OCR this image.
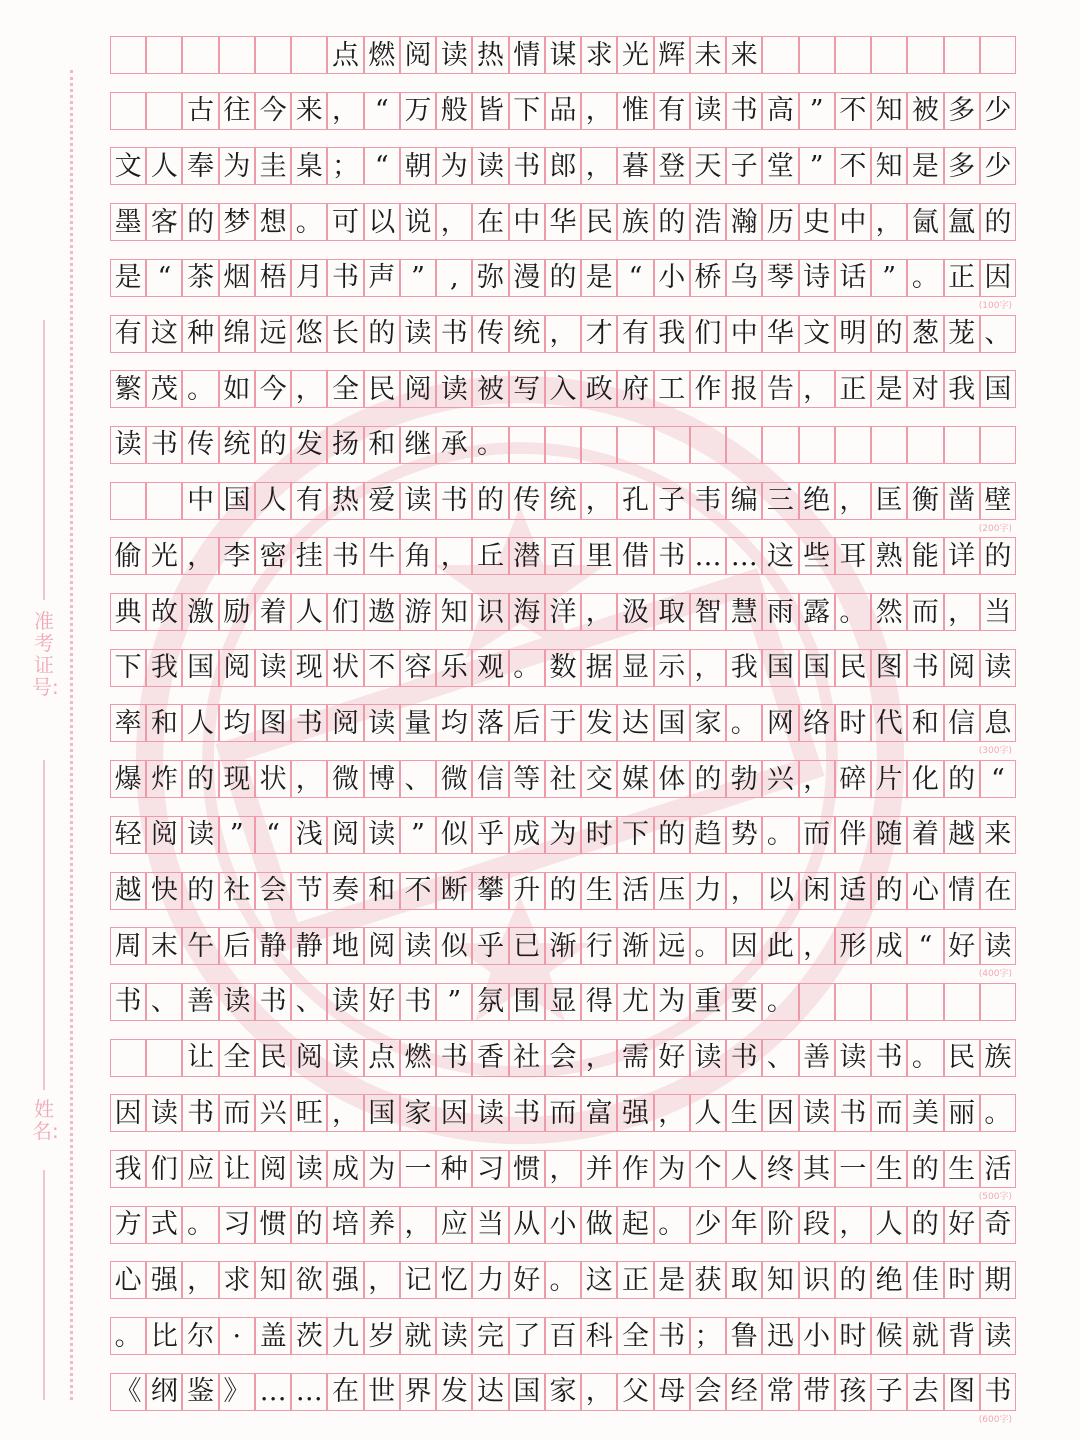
准考证号:
姓名:
点 燃 阅 读 热 情 谋 求 光 辉 未 来
古 往 今 来 ， “ 万 般 皆 下 品 ， 惟 有 读 书 高 ” 不 知 被 多 少
文 人 奉 为 圭 臬 ； “ 朝 为 读 书 郎 ， 暮 登 天 子 堂 ” 不 知 是 多 少
墨 客 的 梦 想 。 可 以 说 ， 在 中 华 民 族 的 浩 瀚 历 史 中 ， 氤 氲 的
是 “ 茶 烟 梧 月 书 声 ” , 弥 漫 的 是 “ 小 桥 乌 琴 诗 话 ” 。 正 因
有 这 种 绵 远 悠 长 的 读 书 传 统 ， 才 有 我 们 中 华 文 明 的 葱 茏 、
繁 茂 。 如 今 ， 全 民 阅 读 被 写 入 政 府 工 作 报 告 ， 正 是 对 我 国
读 书 传 统 的 发 扬 和 继 承 。
中 国 人 有 热 爱 读 书 的 传 统 ， 孔 子 韦 编 三 绝 ， 匡 衡 凿 壁
偷 光 ， 李 密 挂 书 牛 角 ， 丘 潜 百 里 借 书 … … 这 些 耳 熟 能 详 的
典 故 激 励 着 人 们 遨 游 知 识 海 洋 ， 汲 取 智 慧 雨 露 。 然 而 ， 当
下 我 国 阅 读 现 状 不 容 乐 观 。 数 据 显 示 ， 我 国 国 民 图 书 阅 读
率 和 人 均 图 书 阅 读 量 均 落 后 于 发 达 国 家 。 网 络 时 代 和 信 息
爆 炸 的 现 状 ， 微 博 、 微 信 等 社 交 媒 体 的 勃 兴 ， 碎 片 化 的 “
轻 阅 读 ” “ 浅 阅 读 ” 似 乎 成 为 时 下 的 趋 势 。 而 伴 随 着 越 来
越 快 的 社 会 节 奏 和 不 断 攀 升 的 生 活 压 力 ， 以 闲 适 的 心 情 在
周 末 午 后 静 静 地 阅 读 似 乎 已 渐 行 渐 远 。 因 此 ， 形 成 “ 好 读
书 、 善 读 书 、 读 好 书 ” 氛 围 显 得 尤 为 重 要 。
让 全 民 阅 读 点 燃 书 香 社 会 ， 需 好 读 书 、 善 读 书 。 民 族
因 读 书 而 兴 旺 ， 国 家 因 读 书 而 富 强 ， 人 生 因 读 书 而 美 丽 。
我 们 应 让 阅 读 成 为 一 种 习 惯 ， 并 作 为 个 人 终 其 一 生 的 生 活
方 式 。 习 惯 的 培 养 ， 应 当 从 小 做 起 。 少 年 阶 段 ， 人 的 好 奇
心 强 ， 求 知 欲 强 ， 记 忆 力 好 。 这 正 是 获 取 知 识 的 绝 佳 时 期
。 比 尔 · 盖 茨 九 岁 就 读 完 了 百 科 全 书 ； 鲁 迅 小 时 候 就 背 读
《 纲 鉴 》 … … 在 世 界 发 达 国 家 ， 父 母 会 经 常 带 孩 子 去 图 书
(100字)
(200字)
(300字)
(400字)
(500字)
(600字)
